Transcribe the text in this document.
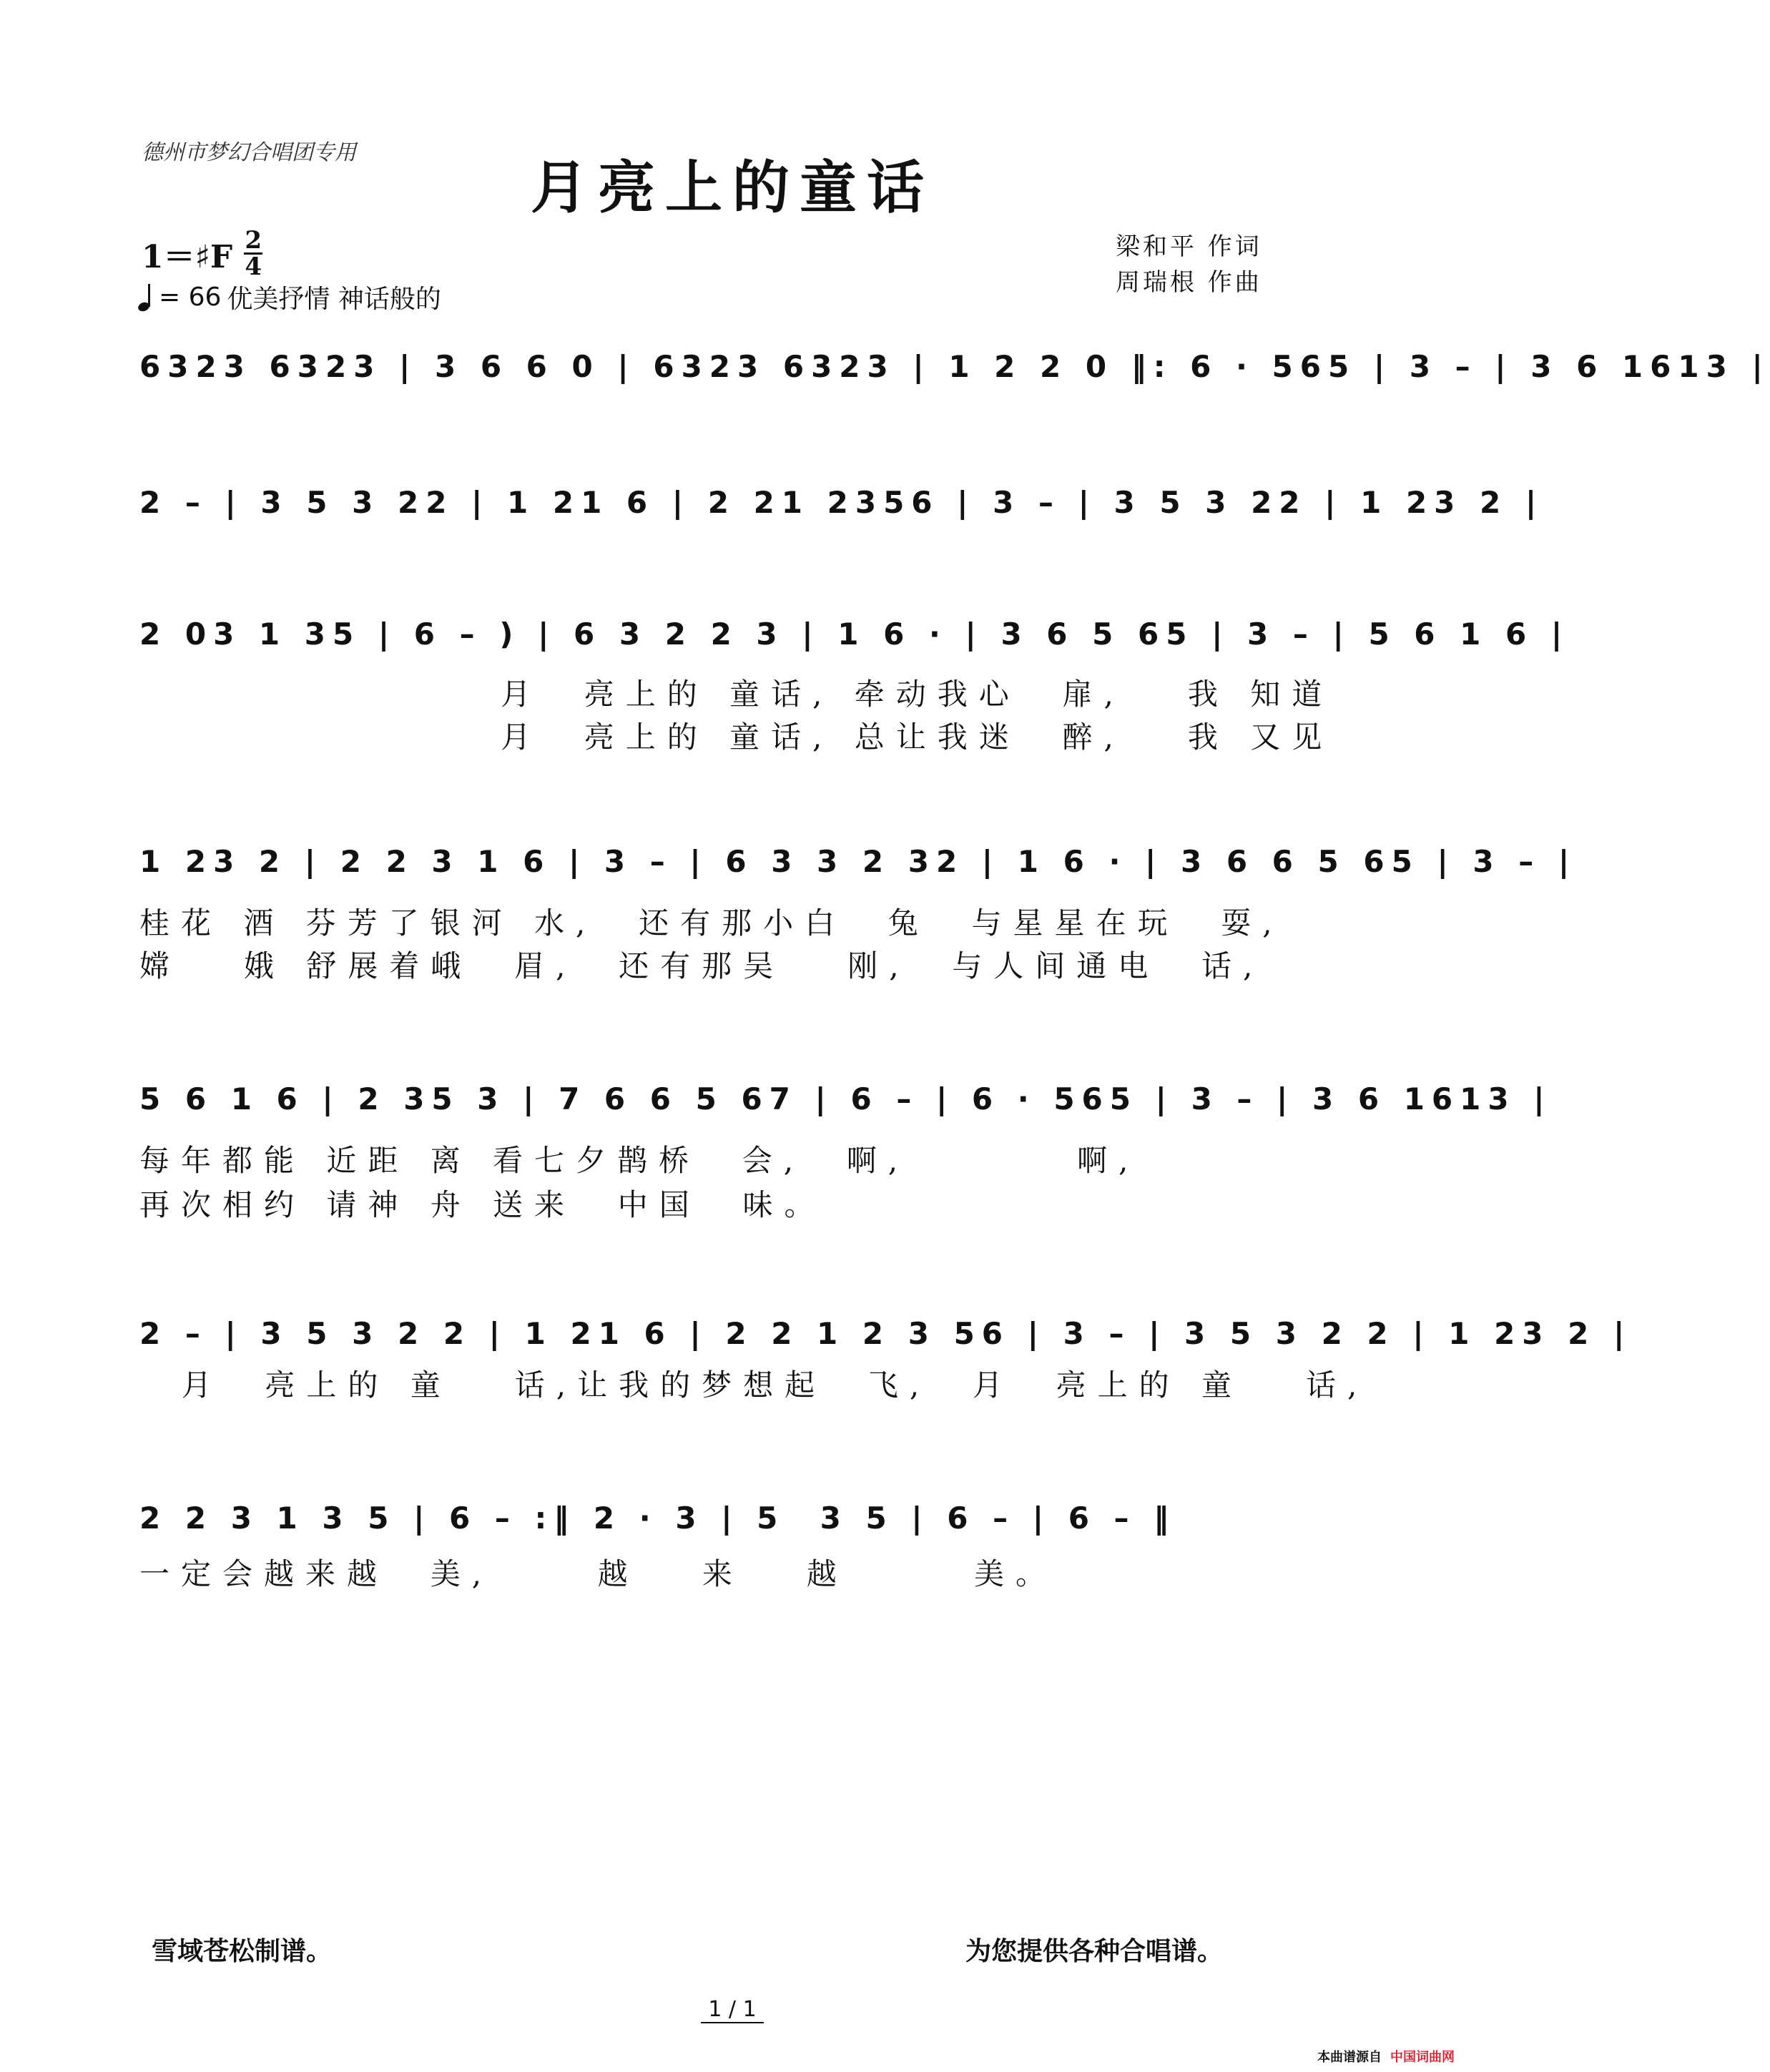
德州市梦幻合唱团专用
月亮上的童话
1＝♯F 2
4
= 66 优美抒情 神话般的
梁和平 作词
周瑞根 作曲
6323 6323 | 3 6 6 0 | 6323 6323 | 1 2 2 0 ‖: 6 · 565 | 3 – | 3 6 1613 |
2 – | 3 5 3 22 | 1 21 6 | 2 21 2356 | 3 – | 3 5 3 22 | 1 23 2 |
2 03 1 35 | 6 – ) | 6 3 2 2 3 | 1 6 · | 3 6 5 65 | 3 – | 5 6 1 6 |
月  亮上的 童话, 牵动我心  扉,   我 知道
月  亮上的 童话, 总让我迷  醉,   我 又见
1 23 2 | 2 2 3 1 6 | 3 – | 6 3 3 2 32 | 1 6 · | 3 6 6 5 65 | 3 – |
桂花 酒 芬芳了银河 水,  还有那小白  兔  与星星在玩  耍,
嫦   娥 舒展着峨  眉,  还有那吴   刚,  与人间通电  话,
5 6 1 6 | 2 35 3 | 7 6 6 5 67 | 6 – | 6 · 565 | 3 – | 3 6 1613 |
每年都能 近距 离 看七夕鹊桥  会,  啊,        啊,
再次相约 请神 舟 送来  中国  味。
2 – | 3 5 3 2 2 | 1 21 6 | 2 2 1 2 3 56 | 3 – | 3 5 3 2 2 | 1 23 2 |
月  亮上的 童   话,让我的梦想起  飞,  月  亮上的 童   话,
2 2 3 1 3 5 | 6 – :‖ 2 · 3 | 5  3 5 | 6 – | 6 – ‖
一定会越来越  美,     越   来   越      美。
雪域苍松制谱。	为您提供各种合唱谱。
1 / 1
本曲谱源自 中国词曲网
